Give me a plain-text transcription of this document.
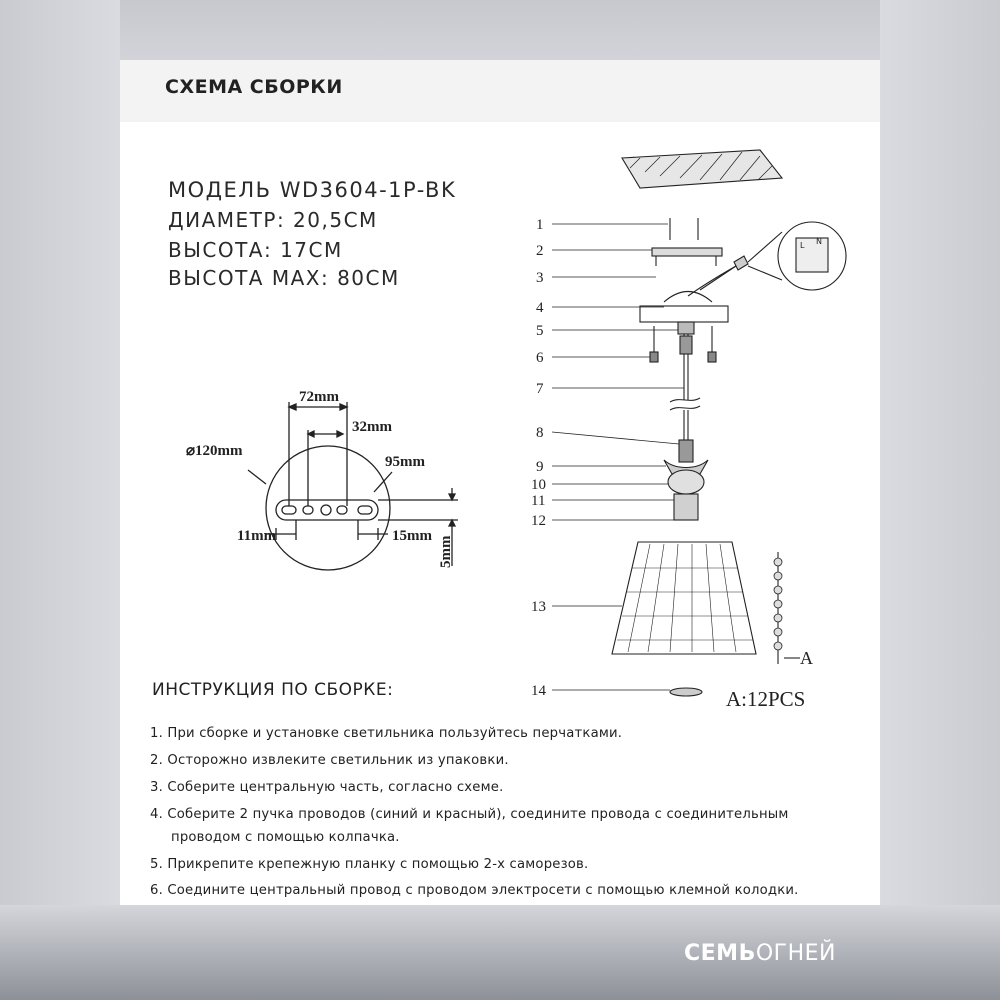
СХЕМА СБОРКИ
МОДЕЛЬ WD3604-1P-BK
ДИАМЕТР: 20,5СМ
ВЫСОТА: 17СМ
ВЫСОТА MAX: 80СМ
72mm
32mm
⌀120mm
95mm
11mm	15mm 5mm
1
2
3
4
5
6
7
8
9
10
11
12
13
14
A
A:12PCS
L N
ИНСТРУКЦИЯ ПО СБОРКЕ:
1. При сборке и установке светильника пользуйтесь перчатками.
2. Осторожно извлеките светильник из упаковки.
3. Соберите центральную часть, согласно схеме.
4. Соберите 2 пучка проводов (синий и красный), соедините провода с соединительным
проводом с помощью колпачка.
5. Прикрепите крепежную планку с помощью 2-х саморезов.
6. Соедините центральный провод с проводом электросети с помощью клемной колодки.
СЕМЬОГНЕЙ
